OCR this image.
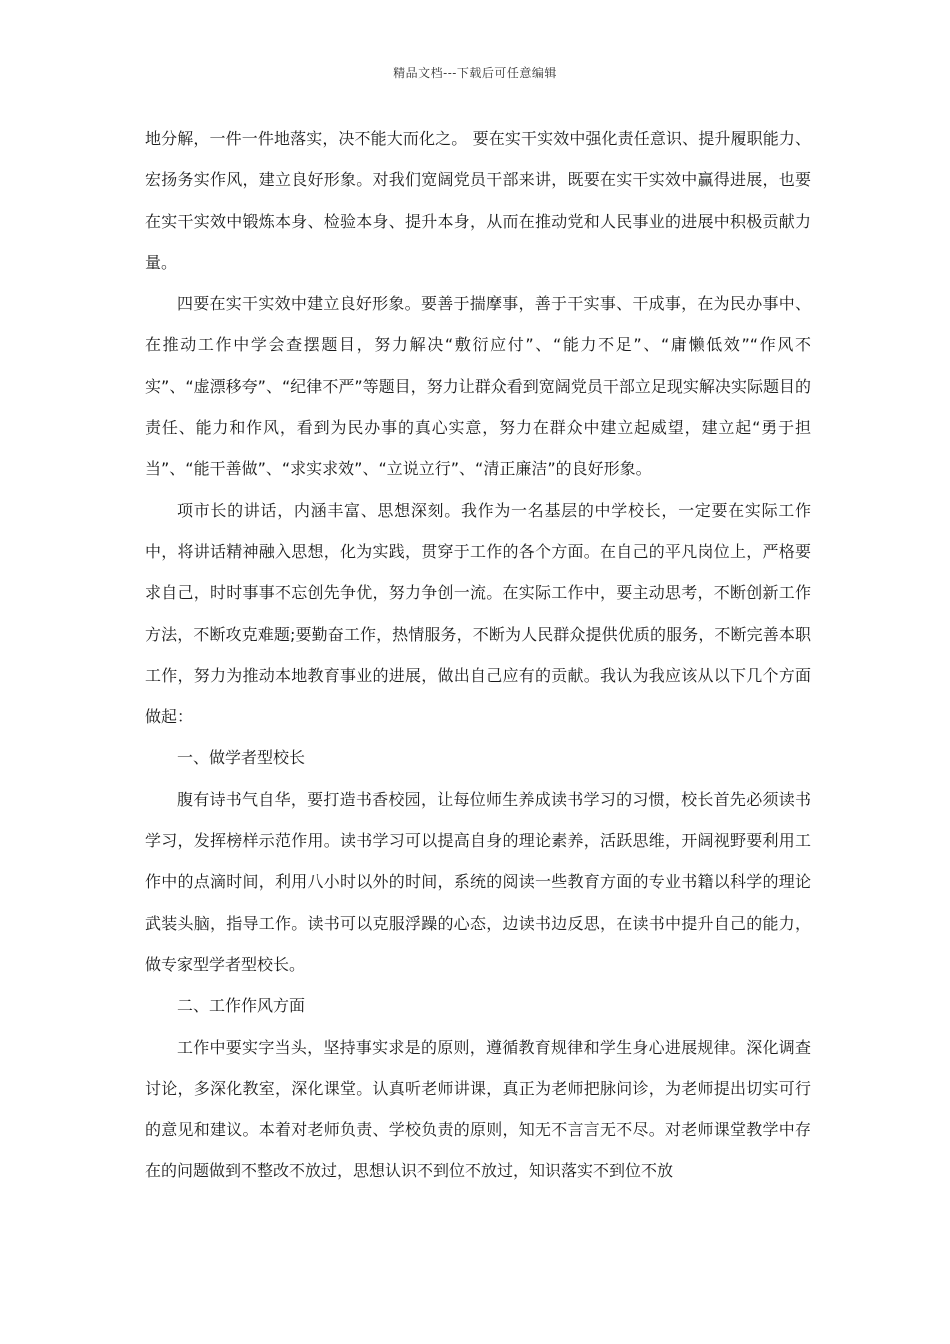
精品文档---下载后可任意编辑

地分解，一件一件地落实，决不能大而化之。 要在实干实效中强化责任意识、提升履职能力、宏扬务实作风，建立良好形象。对我们宽阔党员干部来讲，既要在实干实效中赢得进展，也要在实干实效中锻炼本身、检验本身、提升本身，从而在推动党和人民事业的进展中积极贡献力量。

四要在实干实效中建立良好形象。要善于揣摩事，善于干实事、干成事，在为民办事中、在推动工作中学会查摆题目，努力解决“敷衍应付”、“能力不足”、“庸懒低效”“作风不实”、“虚漂移夸”、“纪律不严”等题目，努力让群众看到宽阔党员干部立足现实解决实际题目的责任、能力和作风，看到为民办事的真心实意，努力在群众中建立起威望，建立起“勇于担当”、“能干善做”、“求实求效”、“立说立行”、“清正廉洁”的良好形象。

项市长的讲话，内涵丰富、思想深刻。我作为一名基层的中学校长，一定要在实际工作中，将讲话精神融入思想，化为实践，贯穿于工作的各个方面。在自己的平凡岗位上，严格要求自己，时时事事不忘创先争优，努力争创一流。在实际工作中，要主动思考，不断创新工作方法，不断攻克难题;要勤奋工作，热情服务，不断为人民群众提供优质的服务，不断完善本职工作，努力为推动本地教育事业的进展，做出自己应有的贡献。我认为我应该从以下几个方面做起：

一、做学者型校长

腹有诗书气自华，要打造书香校园，让每位师生养成读书学习的习惯，校长首先必须读书学习，发挥榜样示范作用。读书学习可以提高自身的理论素养，活跃思维，开阔视野要利用工作中的点滴时间，利用八小时以外的时间，系统的阅读一些教育方面的专业书籍以科学的理论武装头脑，指导工作。读书可以克服浮躁的心态，边读书边反思，在读书中提升自己的能力，做专家型学者型校长。

二、工作作风方面

工作中要实字当头，坚持事实求是的原则，遵循教育规律和学生身心进展规律。深化调查讨论，多深化教室，深化课堂。认真听老师讲课，真正为老师把脉问诊，为老师提出切实可行的意见和建议。本着对老师负责、学校负责的原则，知无不言言无不尽。对老师课堂教学中存在的问题做到不整改不放过，思想认识不到位不放过，知识落实不到位不放
